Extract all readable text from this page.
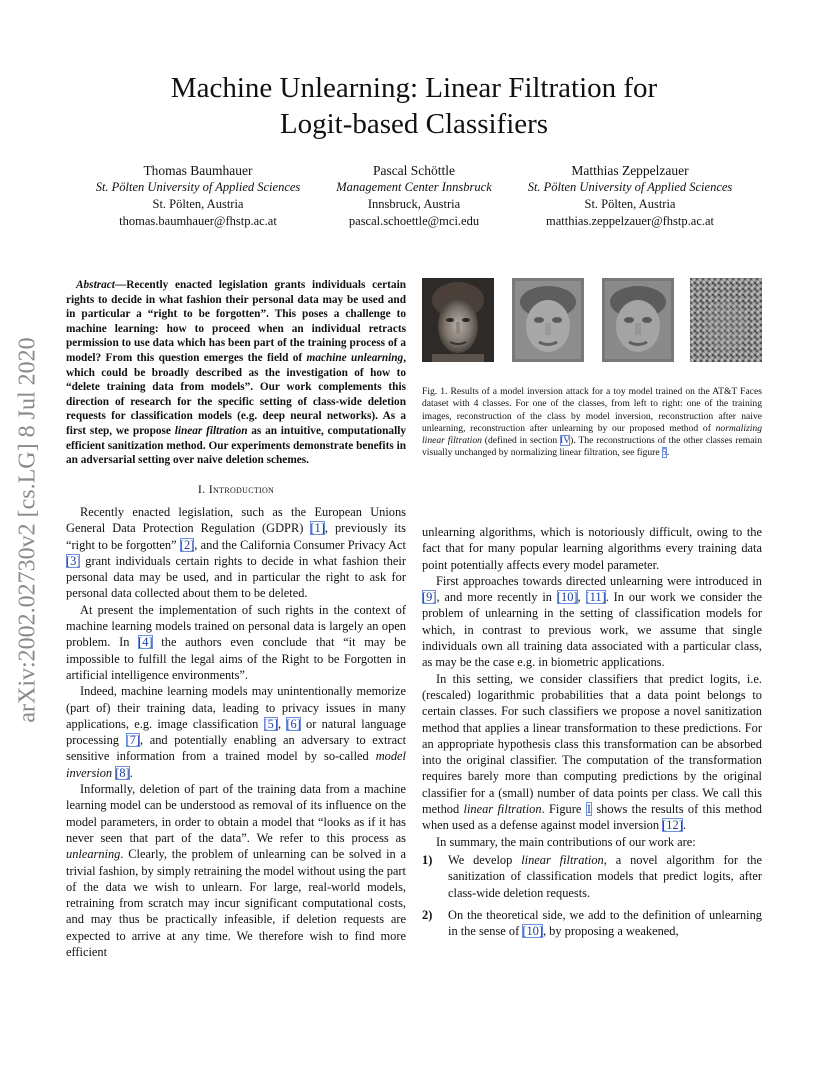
Machine Unlearning: Linear Filtration for
Logit-based Classifiers
Thomas Baumhauer
St. Pölten University of Applied Sciences
St. Pölten, Austria
thomas.baumhauer@fhstp.ac.at
Pascal Schöttle
Management Center Innsbruck
Innsbruck, Austria
pascal.schoettle@mci.edu
Matthias Zeppelzauer
St. Pölten University of Applied Sciences
St. Pölten, Austria
matthias.zeppelzauer@fhstp.ac.at
arXiv:2002.02730v2 [cs.LG] 8 Jul 2020

Abstract—Recently enacted legislation grants individuals certain rights to decide in what fashion their personal data may be used and in particular a “right to be forgotten”. This poses a challenge to machine learning: how to proceed when an individual retracts permission to use data which has been part of the training process of a model? From this question emerges the field of machine unlearning, which could be broadly described as the investigation of how to “delete training data from models”. Our work complements this direction of research for the specific setting of class-wide deletion requests for classification models (e.g. deep neural networks). As a first step, we propose linear filtration as an intuitive, computationally efficient sanitization method. Our experiments demonstrate benefits in an adversarial setting over naive deletion schemes.

I. Introduction

Recently enacted legislation, such as the European Unions General Data Protection Regulation (GDPR) [1], previously its “right to be forgotten” [2], and the California Consumer Privacy Act [3] grant individuals certain rights to decide in what fashion their personal data may be used, and in particular the right to ask for personal data collected about them to be deleted.

At present the implementation of such rights in the context of machine learning models trained on personal data is largely an open problem. In [4] the authors even conclude that “it may be impossible to fulfill the legal aims of the Right to be Forgotten in artificial intelligence environments”.

Indeed, machine learning models may unintentionally memorize (part of) their training data, leading to privacy issues in many applications, e.g. image classification [5], [6] or natural language processing [7], and potentially enabling an adversary to extract sensitive information from a trained model by so-called model inversion [8].

Informally, deletion of part of the training data from a machine learning model can be understood as removal of its influence on the model parameters, in order to obtain a model that “looks as if it has never seen that part of the data”. We refer to this process as unlearning. Clearly, the problem of unlearning can be solved in a trivial fashion, by simply retraining the model without using the part of the data we wish to unlearn. For large, real-world models, retraining from scratch may incur significant computational costs, and may thus be practically infeasible, if deletion requests are expected to arrive at any time. We therefore wish to find more efficient

Fig. 1. Results of a model inversion attack for a toy model trained on the AT&T Faces dataset with 4 classes. For one of the classes, from left to right: one of the training images, reconstruction of the class by model inversion, reconstruction after naive unlearning, reconstruction after unlearning by our proposed method of normalizing linear filtration (defined in section IV). The reconstructions of the other classes remain visually unchanged by normalizing linear filtration, see figure 5.

unlearning algorithms, which is notoriously difficult, owing to the fact that for many popular learning algorithms every training data point potentially affects every model parameter.

First approaches towards directed unlearning were introduced in [9], and more recently in [10], [11]. In our work we consider the problem of unlearning in the setting of classification models for which, in contrast to previous work, we assume that single individuals own all training data associated with a particular class, as may be the case e.g. in biometric applications.

In this setting, we consider classifiers that predict logits, i.e. (rescaled) logarithmic probabilities that a data point belongs to certain classes. For such classifiers we propose a novel sanitization method that applies a linear transformation to these predictions. For an appropriate hypothesis class this transformation can be absorbed into the original classifier. The computation of the transformation requires barely more than computing predictions by the original classifier for a (small) number of data points per class. We call this method linear filtration. Figure 1 shows the results of this method when used as a defense against model inversion [12].

In summary, the main contributions of our work are:

1) We develop linear filtration, a novel algorithm for the sanitization of classification models that predict logits, after class-wide deletion requests.
2) On the theoretical side, we add to the definition of unlearning in the sense of [10], by proposing a weakened,
